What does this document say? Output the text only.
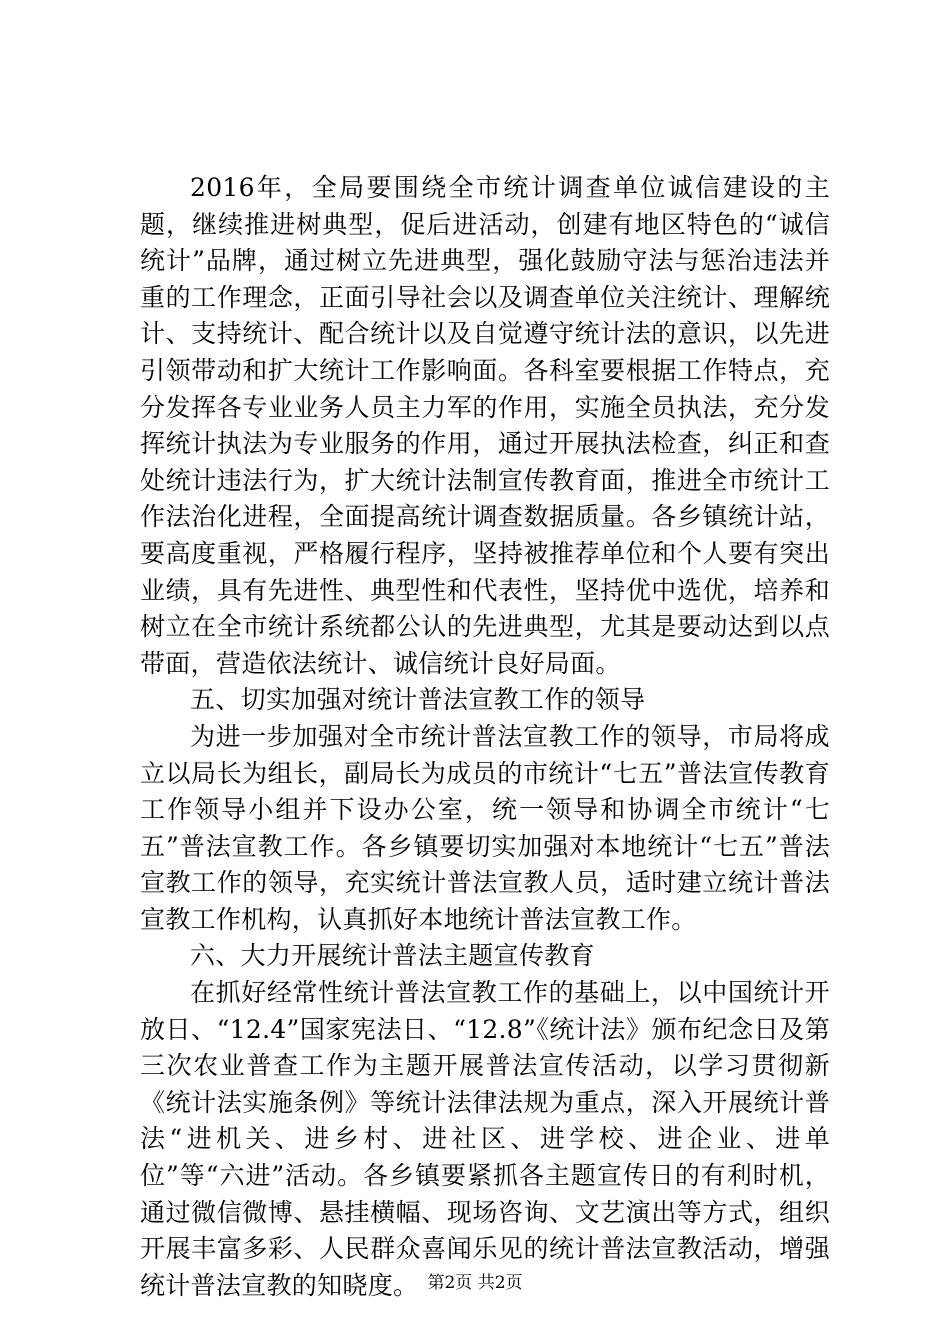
2016年，全局要围绕全市统计调查单位诚信建设的主题，继续推进树典型，促后进活动，创建有地区特色的“诚信统计”品牌，通过树立先进典型，强化鼓励守法与惩治违法并重的工作理念，正面引导社会以及调查单位关注统计、理解统计、支持统计、配合统计以及自觉遵守统计法的意识，以先进引领带动和扩大统计工作影响面。各科室要根据工作特点，充分发挥各专业业务人员主力军的作用，实施全员执法，充分发挥统计执法为专业服务的作用，通过开展执法检查，纠正和查处统计违法行为，扩大统计法制宣传教育面，推进全市统计工作法治化进程，全面提高统计调查数据质量。各乡镇统计站，要高度重视，严格履行程序，坚持被推荐单位和个人要有突出业绩，具有先进性、典型性和代表性，坚持优中选优，培养和树立在全市统计系统都公认的先进典型，尤其是要动达到以点带面，营造依法统计、诚信统计良好局面。

五、切实加强对统计普法宣教工作的领导

为进一步加强对全市统计普法宣教工作的领导，市局将成立以局长为组长，副局长为成员的市统计“七五”普法宣传教育工作领导小组并下设办公室，统一领导和协调全市统计“七五”普法宣教工作。各乡镇要切实加强对本地统计“七五”普法宣教工作的领导，充实统计普法宣教人员，适时建立统计普法宣教工作机构，认真抓好本地统计普法宣教工作。

六、大力开展统计普法主题宣传教育

在抓好经常性统计普法宣教工作的基础上，以中国统计开放日、“12.4”国家宪法日、“12.8”《统计法》颁布纪念日及第三次农业普查工作为主题开展普法宣传活动，以学习贯彻新《统计法实施条例》等统计法律法规为重点，深入开展统计普法“进机关、进乡村、进社区、进学校、进企业、进单位”等“六进”活动。各乡镇要紧抓各主题宣传日的有利时机，通过微信微博、悬挂横幅、现场咨询、文艺演出等方式，组织开展丰富多彩、人民群众喜闻乐见的统计普法宣教活动，增强统计普法宣教的知晓度。 第2页 共2页
